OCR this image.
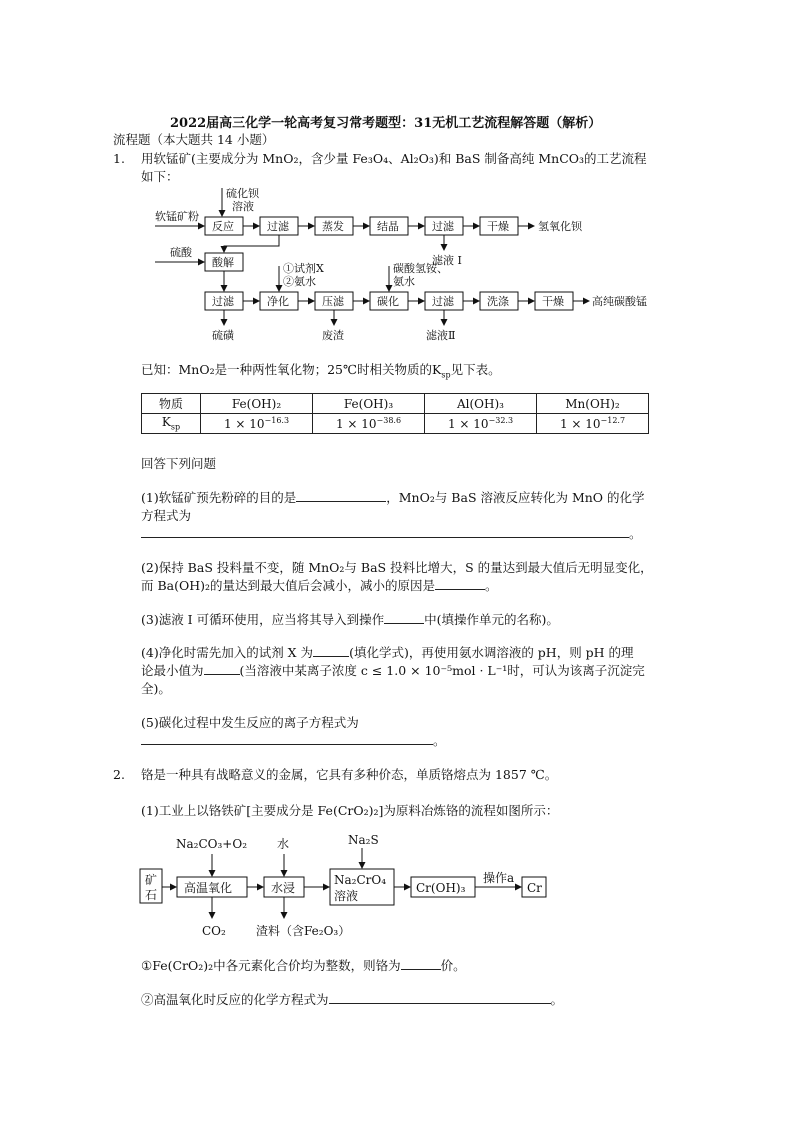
2022届高三化学一轮高考复习常考题型：31无机工艺流程解答题（解析）
流程题（本大题共 14 小题）
1. 用软锰矿(主要成分为 MnO₂，含少量 Fe₃O₄、Al₂O₃)和 BaS 制备高纯 MnCO₃的工艺流程
如下：
硫化钡
溶液
软锰矿粉
硫酸
①试剂X
②氨水
碳酸氢铵、
氨水
反应	过滤	蒸发	结晶	过滤	干燥
酸解
过滤	净化	压滤	碳化	过滤	洗涤	干燥
氢氧化钡
滤液 I
硫磺	废渣	滤液Ⅱ
高纯碳酸锰
已知：MnO₂是一种两性氧化物；25℃时相关物质的$K_{sp}$见下表。
物质	Fe(OH)₂	Fe(OH)₃	Al(OH)₃	Mn(OH)₂
$K_{sp}$	$1 \times 10^{-16.3}$	$1 \times 10^{-38.6}$	$1 \times 10^{-32.3}$	$1 \times 10^{-12.7}$
回答下列问题
(1)软锰矿预先粉碎的目的是	，MnO₂与 BaS 溶液反应转化为 MnO 的化学
方程式为
。
(2)保持 BaS 投料量不变，随 MnO₂与 BaS 投料比增大，S 的量达到最大值后无明显变化，
而 Ba(OH)₂的量达到最大值后会减小，减小的原因是	。
(3)滤液 I 可循环使用，应当将其导入到操作	中(填操作单元的名称)。
(4)净化时需先加入的试剂 X 为	(填化学式)，再使用氨水调溶液的 pH，则 pH 的理
论最小值为	(当溶液中某离子浓度 c ≤ 1.0 × 10⁻⁵mol · L⁻¹时，可认为该离子沉淀完
全)。
(5)碳化过程中发生反应的离子方程式为
。
2. 铬是一种具有战略意义的金属，它具有多种价态，单质铬熔点为 1857 ℃。
(1)工业上以铬铁矿[主要成分是 Fe(CrO₂)₂]为原料冶炼铬的流程如图所示：
Na₂CO₃+O₂	水	Na₂S
矿
石 高温氧化	水浸
Na₂CrO₄
溶液
Cr(OH)₃
操作a
Cr
CO₂	渣料（含Fe₂O₃）
①Fe(CrO₂)₂中各元素化合价均为整数，则铬为	价。
②高温氧化时反应的化学方程式为	。
